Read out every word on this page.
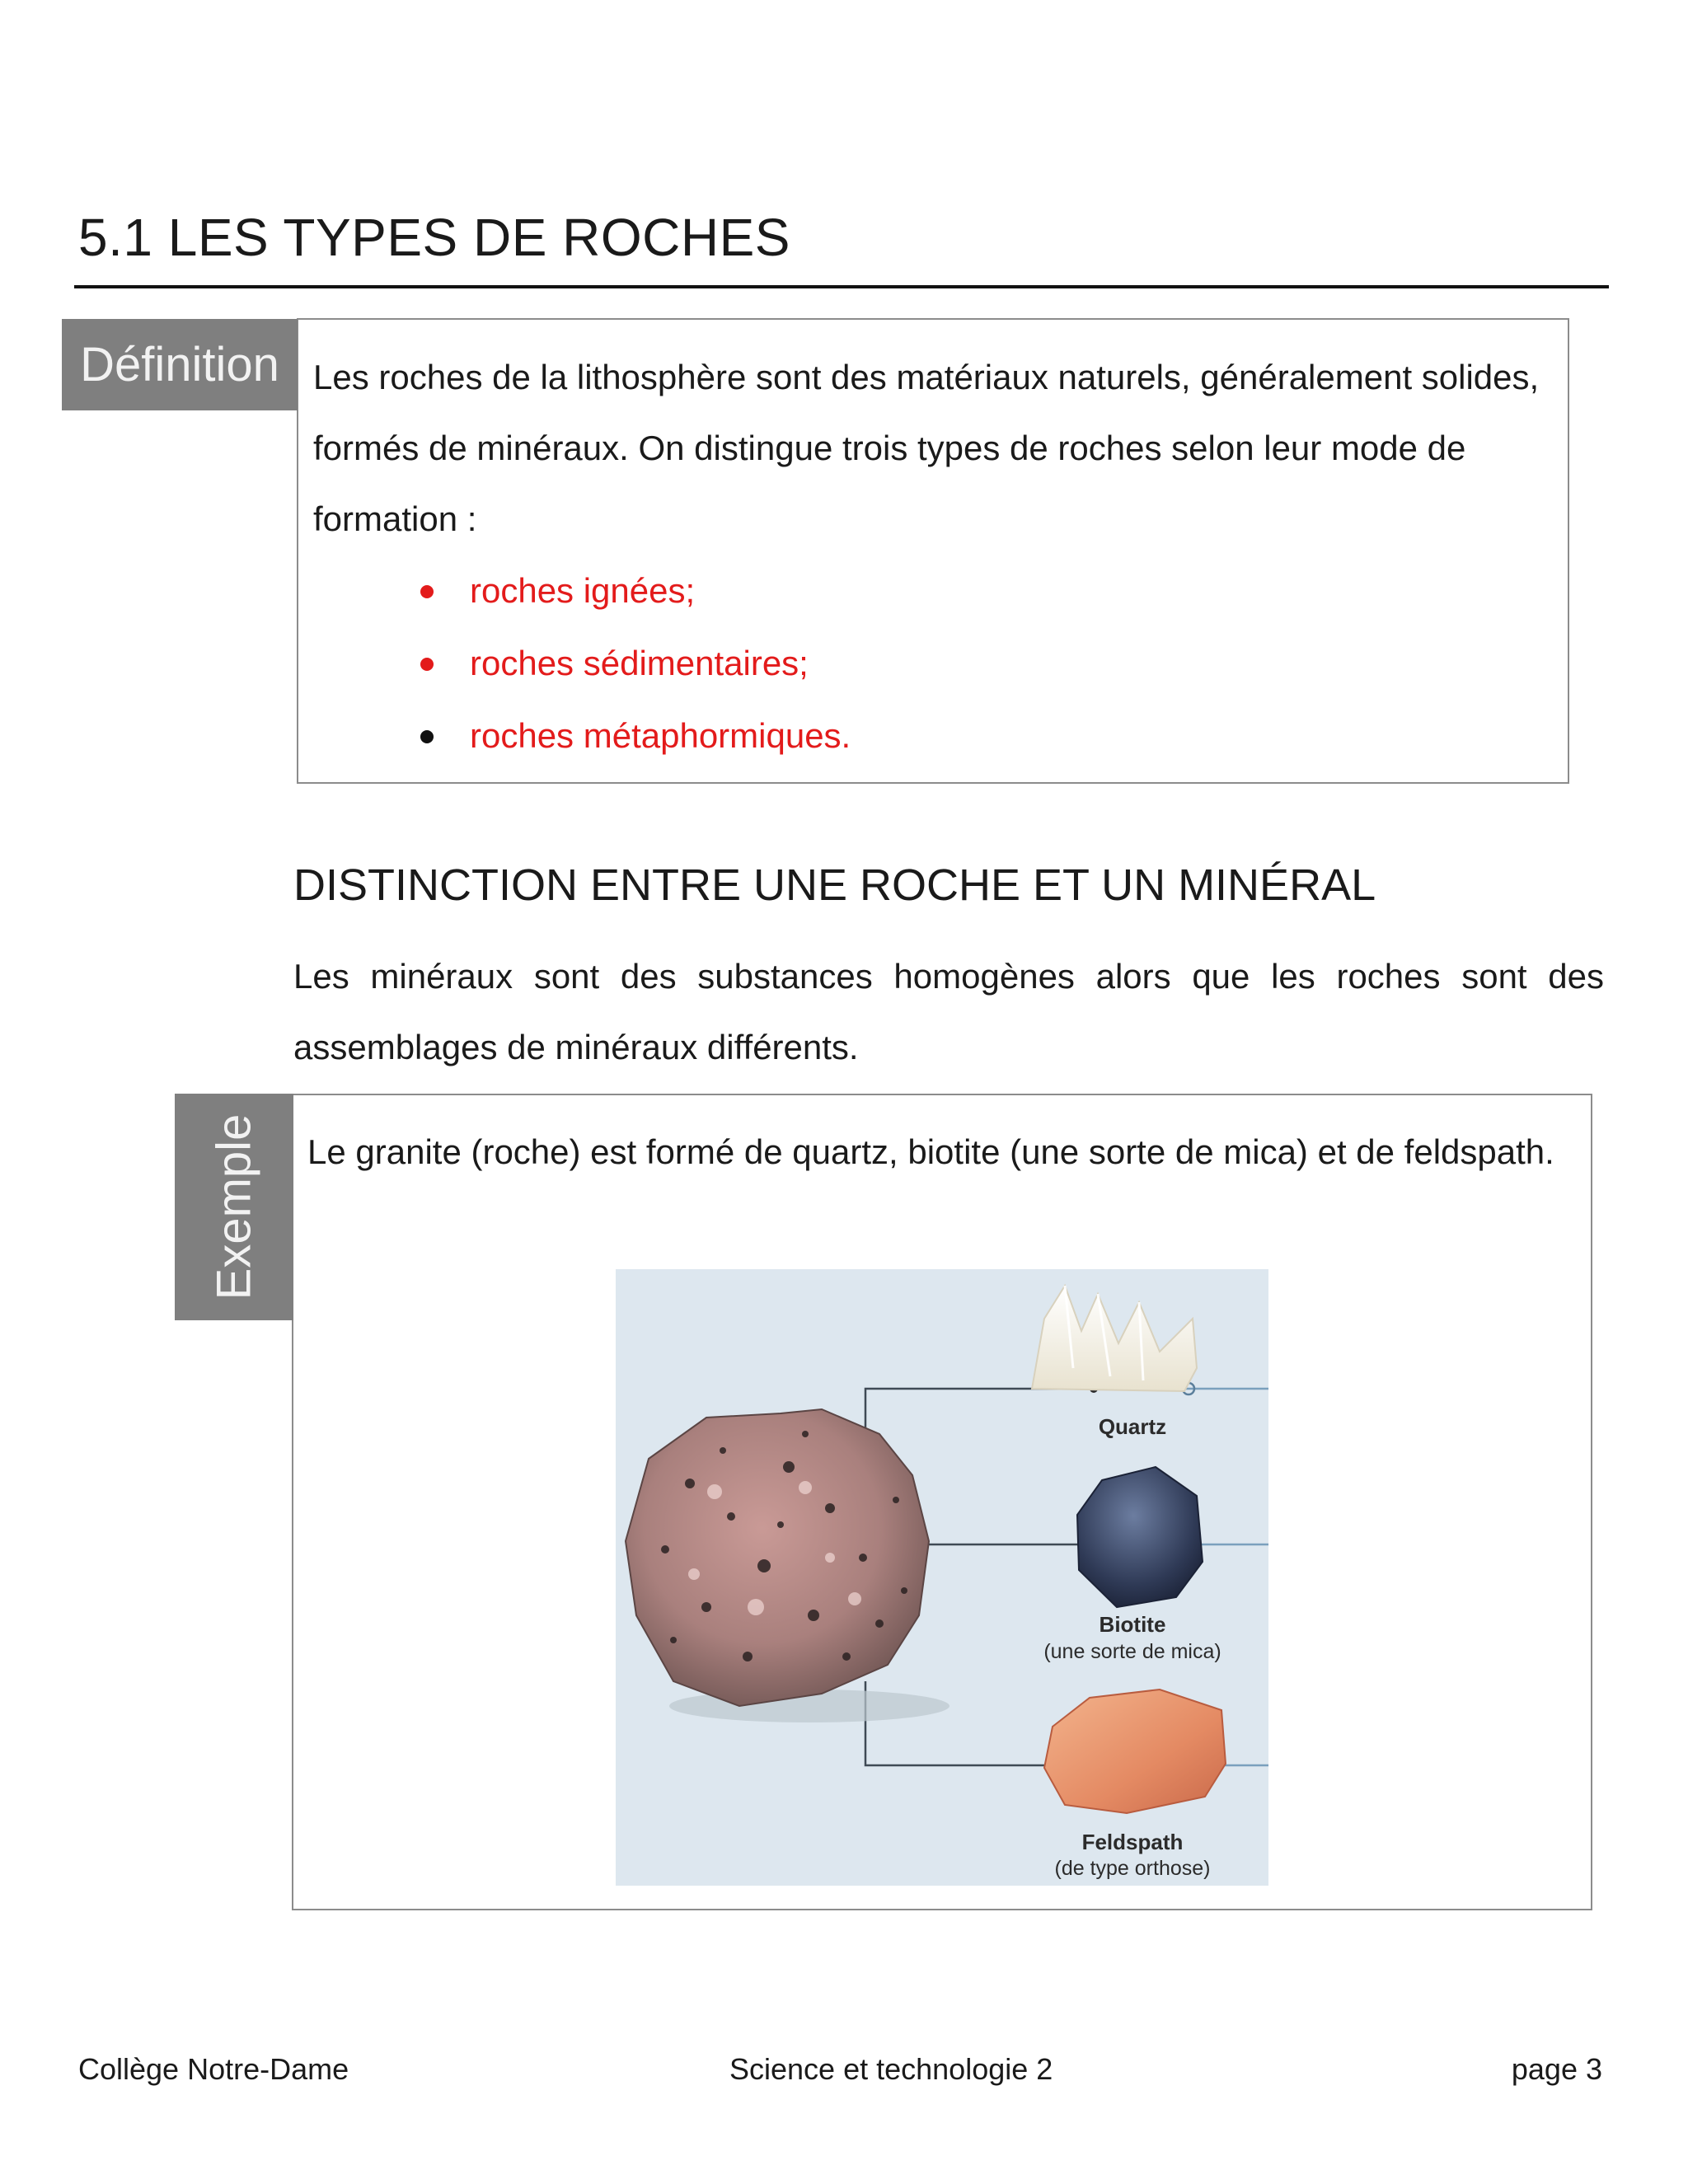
5.1 LES TYPES DE ROCHES
Définition Les roches de la lithosphère sont des matériaux naturels, généralement solides, formés de minéraux. On distingue trois types de roches selon leur mode de formation :
roches ignées;
roches sédimentaires;
roches métaphormiques.
DISTINCTION ENTRE UNE ROCHE ET UN MINÉRAL
Les minéraux sont des substances homogènes alors que les roches sont des assemblages de minéraux différents.
Exemple Le granite (roche) est formé de quartz, biotite (une sorte de mica) et de feldspath.
Quartz
Biotite
(une sorte de mica)
Feldspath
(de type orthose)
Collège Notre-Dame	Science et technologie 2	page 3
